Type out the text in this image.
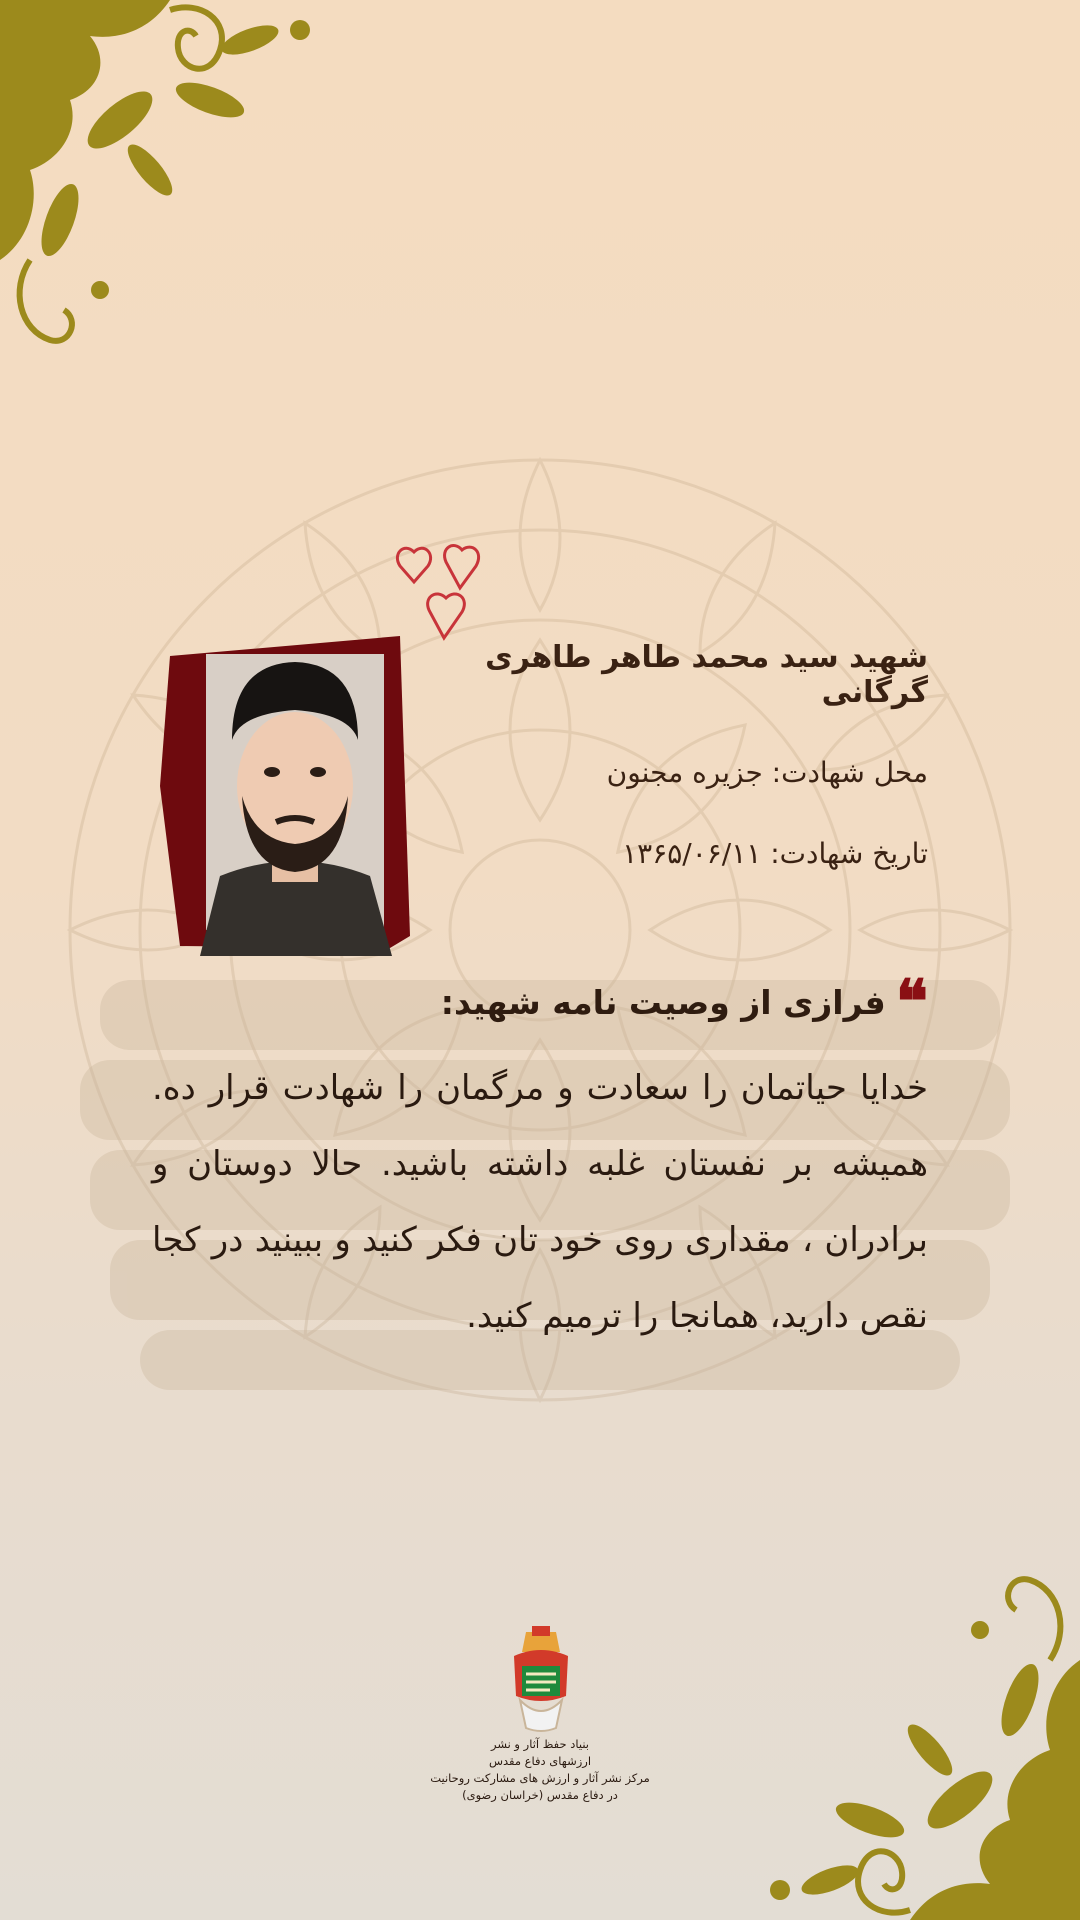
شهید سید محمد طاهر طاهری گرگانی

محل شهادت: جزیره مجنون
تاریخ شهادت: ۱۳۶۵/۰۶/۱۱
❝
فرازی از وصیت نامه شهید:
خدایا حیاتمان را سعادت و مرگمان را شهادت قرار ده. همیشه بر نفستان غلبه داشته باشید. حالا دوستان و برادران ، مقداری روی خود تان فکر کنید و ببینید در کجا نقص دارید، همانجا را ترمیم کنید.
بنیاد حفظ آثار و نشر
ارزشهای دفاع مقدس
مرکز نشر آثار و ارزش های مشارکت روحانیت
در دفاع مقدس (خراسان رضوی)
